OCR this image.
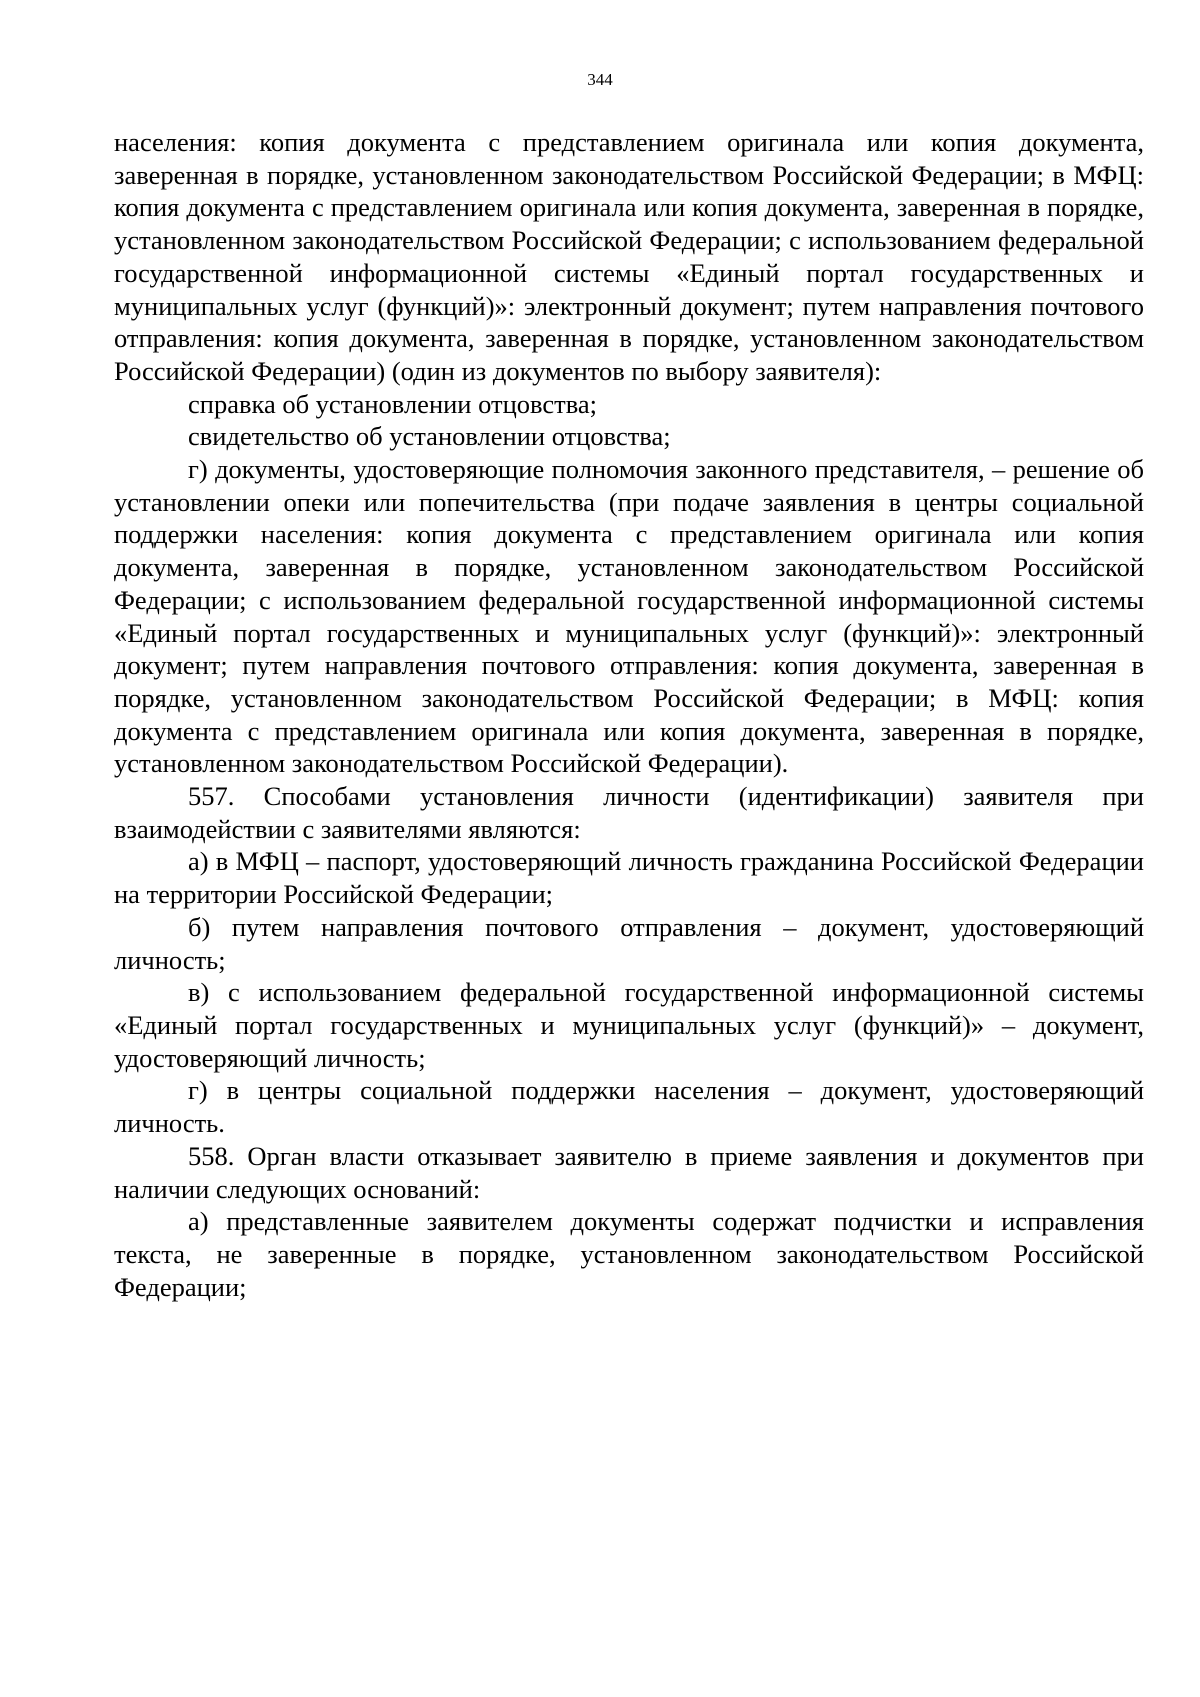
344

населения: копия документа с представлением оригинала или копия документа, заверенная в порядке, установленном законодательством Российской Федерации; в МФЦ: копия документа с представлением оригинала или копия документа, заверенная в порядке, установленном законодательством Российской Федерации; с использованием федеральной государственной информационной системы «Единый портал государственных и муниципальных услуг (функций)»: электронный документ; путем направления почтового отправления: копия документа, заверенная в порядке, установленном законодательством Российской Федерации) (один из документов по выбору заявителя):

справка об установлении отцовства;

свидетельство об установлении отцовства;

г) документы, удостоверяющие полномочия законного представителя, – решение об установлении опеки или попечительства (при подаче заявления в центры социальной поддержки населения: копия документа с представлением оригинала или копия документа, заверенная в порядке, установленном законодательством Российской Федерации; с использованием федеральной государственной информационной системы «Единый портал государственных и муниципальных услуг (функций)»: электронный документ; путем направления почтового отправления: копия документа, заверенная в порядке, установленном законодательством Российской Федерации; в МФЦ: копия документа с представлением оригинала или копия документа, заверенная в порядке, установленном законодательством Российской Федерации).

557. Способами установления личности (идентификации) заявителя при взаимодействии с заявителями являются:

а) в МФЦ – паспорт, удостоверяющий личность гражданина Российской Федерации на территории Российской Федерации;

б) путем направления почтового отправления – документ, удостоверяющий личность;

в) с использованием федеральной государственной информационной системы «Единый портал государственных и муниципальных услуг (функций)» – документ, удостоверяющий личность;

г) в центры социальной поддержки населения – документ, удостоверяющий личность.

558. Орган власти отказывает заявителю в приеме заявления и документов при наличии следующих оснований:

а) представленные заявителем документы содержат подчистки и исправления текста, не заверенные в порядке, установленном законодательством Российской Федерации;
